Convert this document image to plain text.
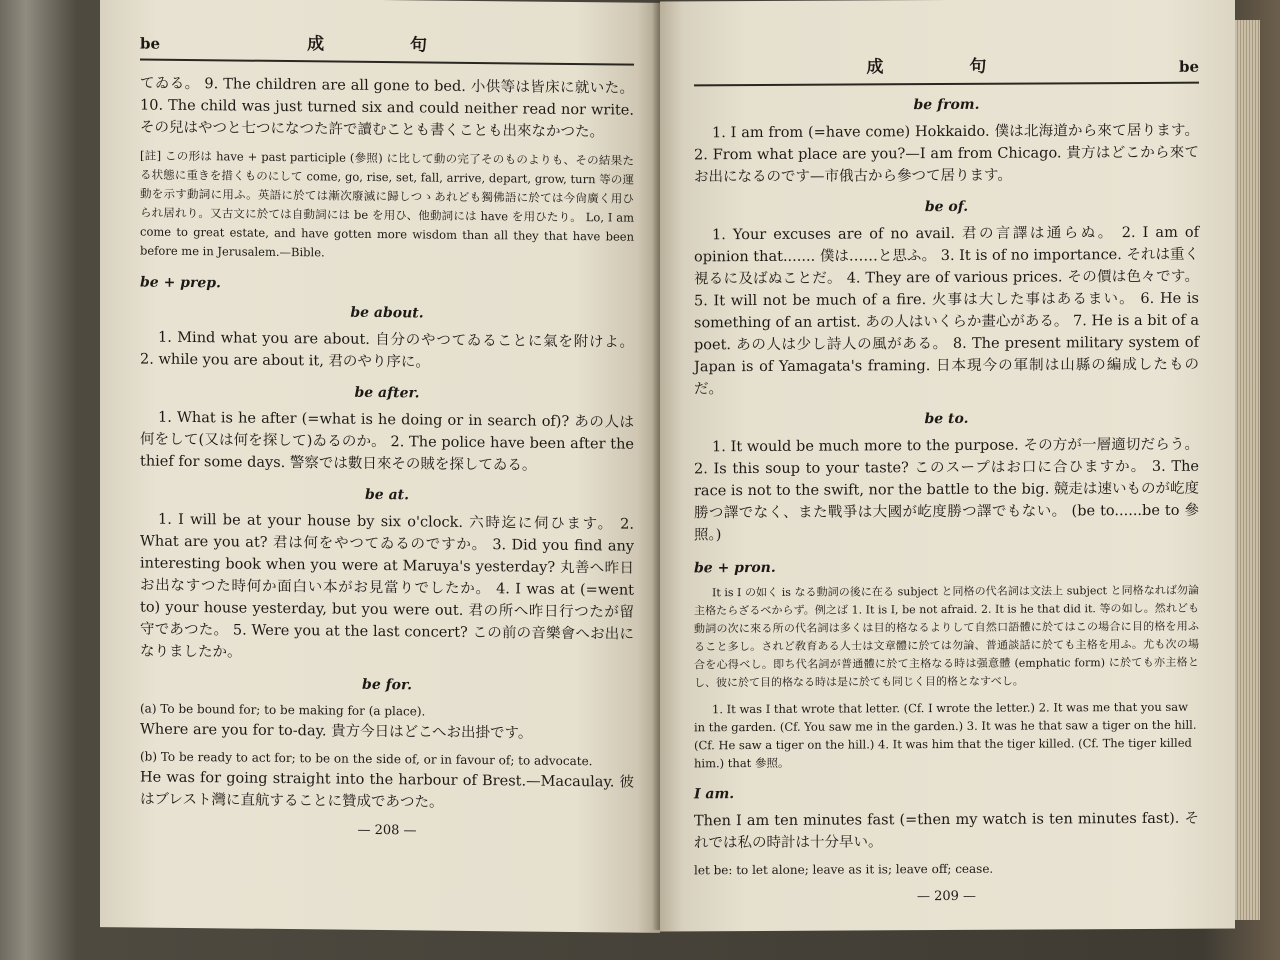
be	成 句

てゐる。 9. The children are all gone to bed. 小供等は皆床に就いた。 10. The child was just turned six and could neither read nor write. その兒はやつと七つになつた許で讀むことも書くことも出來なかつた。

[註] この形は have + past participle (參照) に比して動の完了そのものよりも、その結果たる状態に重きを措くものにして come, go, rise, set, fall, arrive, depart, grow, turn 等の運動を示す動詞に用ふ。英語に於ては漸次廢滅に歸しつゝあれども獨佛語に於ては今尙廣く用ひられ居れり。又古文に於ては自動詞には be を用ひ、他動詞には have を用ひたり。 Lo, I am come to great estate, and have gotten more wisdom than all they that have been before me in Jerusalem.—Bible.

be + prep.
be about.

1. Mind what you are about. 自分のやつてゐることに氣を附けよ。 2. while you are about it, 君のやり序に。

be after.

1. What is he after (=what is he doing or in search of)? あの人は何をして(又は何を探して)ゐるのか。 2. The police have been after the thief for some days. 警察では數日來その賊を探してゐる。

be at.

1. I will be at your house by six o'clock. 六時迄に伺ひます。 2. What are you at? 君は何をやつてゐるのですか。 3. Did you find any interesting book when you were at Maruya's yesterday? 丸善へ昨日お出なすつた時何か面白い本がお見當りでしたか。 4. I was at (=went to) your house yesterday, but you were out. 君の所へ昨日行つたが留守であつた。 5. Were you at the last concert? この前の音樂會へお出になりましたか。

be for.

(a) To be bound for; to be making for (a place).

Where are you for to-day. 貴方今日はどこへお出掛です。

(b) To be ready to act for; to be on the side of, or in favour of; to advocate.

He was for going straight into the harbour of Brest.—Macaulay. 彼はブレスト灣に直航することに贊成であつた。

— 208 —
成 句	be
be from.

1. I am from (=have come) Hokkaido. 僕は北海道から來て居ります。 2. From what place are you?—I am from Chicago. 貴方はどこから來てお出になるのです—市俄古から參つて居ります。

be of.

1. Your excuses are of no avail. 君の言譯は通らぬ。 2. I am of opinion that....... 僕は……と思ふ。 3. It is of no importance. それは重く視るに及ばぬことだ。 4. They are of various prices. その價は色々です。 5. It will not be much of a fire. 火事は大した事はあるまい。 6. He is something of an artist. あの人はいくらか畫心がある。 7. He is a bit of a poet. あの人は少し詩人の風がある。 8. The present military system of Japan is of Yamagata's framing. 日本現今の軍制は山縣の編成したものだ。

be to.

1. It would be much more to the purpose. その方が一層適切だらう。 2. Is this soup to your taste? このスープはお口に合ひますか。 3. The race is not to the swift, nor the battle to the big. 競走は速いものが屹度勝つ譯でなく、また戰爭は大國が屹度勝つ譯でもない。 (be to......be to 參照。)

be + pron.

It is I の如く is なる動詞の後に在る subject と同格の代名詞は文法上 subject と同格なれば勿論主格たらざるべからず。例之ば 1. It is I, be not afraid. 2. It is he that did it. 等の如し。然れども動詞の次に來る所の代名詞は多くは目的格なるよりして自然口語體に於てはこの場合に目的格を用ふること多し。されど敎育ある人士は文章體に於ては勿論、普通談話に於ても主格を用ふ。尤も次の場合を心得べし。即ち代名詞が普通體に於て主格なる時は强意體 (emphatic form) に於ても亦主格とし、彼に於て目的格なる時は是に於ても同じく目的格となすべし。

1. It was I that wrote that letter. (Cf. I wrote the letter.) 2. It was me that you saw in the garden. (Cf. You saw me in the garden.) 3. It was he that saw a tiger on the hill. (Cf. He saw a tiger on the hill.) 4. It was him that the tiger killed. (Cf. The tiger killed him.) that 參照。

I am.

Then I am ten minutes fast (=then my watch is ten minutes fast). それでは私の時計は十分早い。

let be: to let alone; leave as it is; leave off; cease.

— 209 —
